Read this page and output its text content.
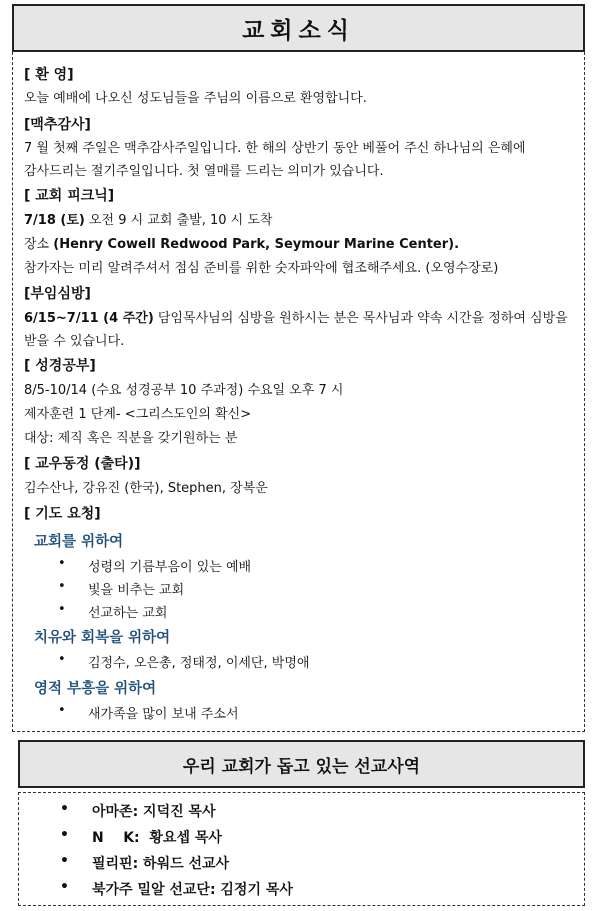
교회소식
[ 환 영]
오늘 예배에 나오신 성도님들을 주님의 이름으로 환영합니다.
[맥추감사]
7 월 첫째 주일은 맥추감사주일입니다. 한 해의 상반기 동안 베풀어 주신 하나님의 은혜에
감사드리는 절기주일입니다. 첫 열매를 드리는 의미가 있습니다.
[ 교회 피크닉]
7/18 (토) 오전 9 시 교회 출발, 10 시 도착
장소 (Henry Cowell Redwood Park, Seymour Marine Center).
참가자는 미리 알려주셔서 점심 준비를 위한 숫자파악에 협조해주세요. (오영수장로)
[부임심방]
6/15~7/11 (4 주간) 담임목사님의 심방을 원하시는 분은 목사님과 약속 시간을 정하여 심방을
받을 수 있습니다.
[ 성경공부]
8/5-10/14 (수요 성경공부 10 주과정) 수요일 오후 7 시
제자훈련 1 단계- <그리스도인의 확신>
대상: 제직 혹은 직분을 갖기원하는 분
[ 교우동정 (출타)]
김수산나, 강유진 (한국), Stephen, 장복운
[ 기도 요청]
교회를 위하여
• 성령의 기름부음이 있는 예배
• 빛을 비추는 교회
• 선교하는 교회
치유와 회복을 위하여
• 김정수, 오은총, 정태정, 이세단, 박명애
영적 부흥을 위하여
• 새가족을 많이 보내 주소서
우리 교회가 돕고 있는 선교사역
• 아마존: 지덕진 목사
• N    K:  황요셉 목사
• 필리핀: 하워드 선교사
• 북가주 밀알 선교단: 김정기 목사
